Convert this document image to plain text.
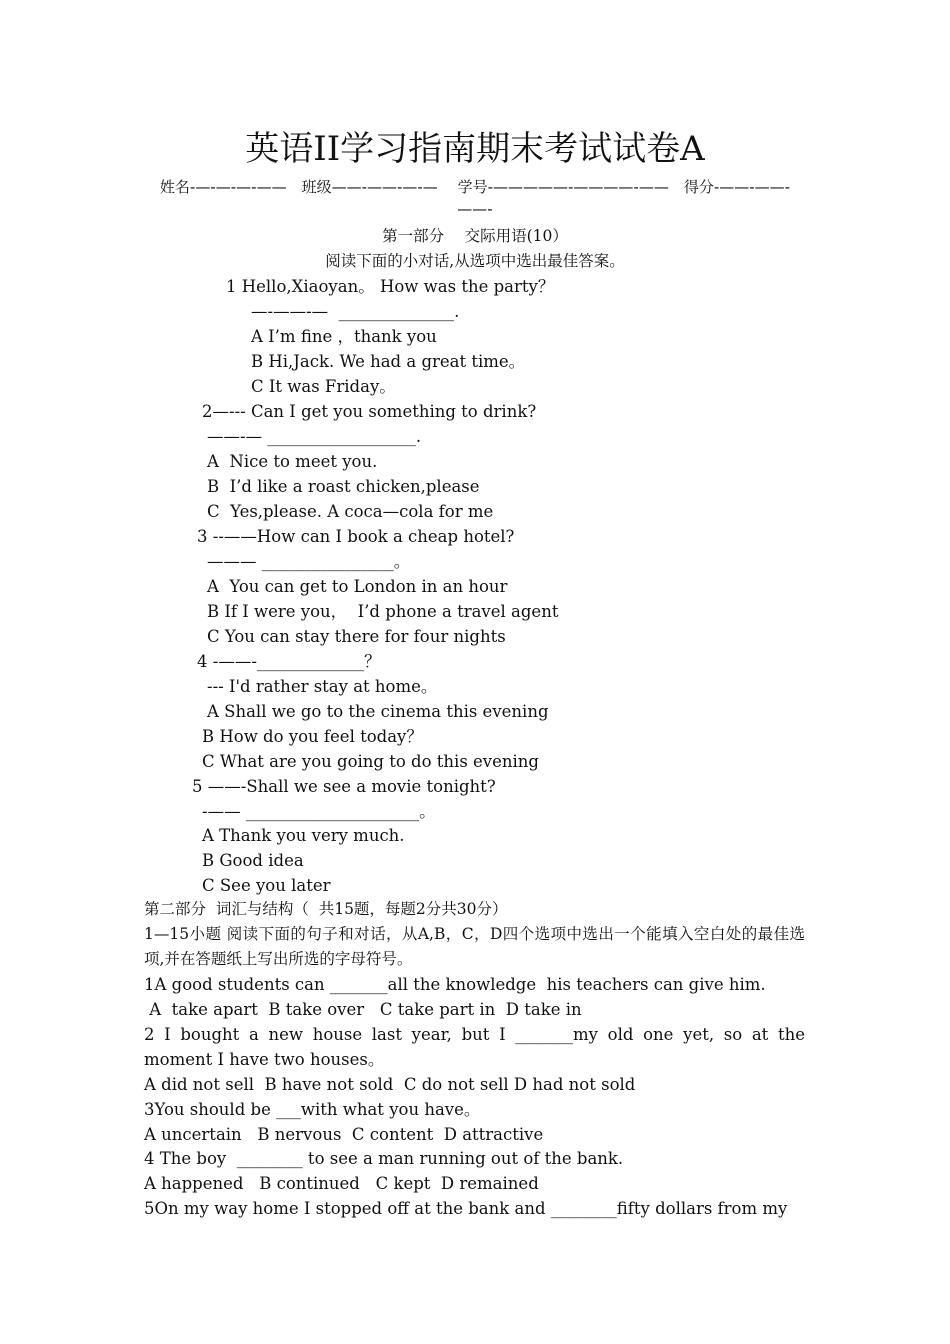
英语II学习指南期末考试试卷A
姓名-—-—-—-——　班级——-——-—-—　 学号-—————-————-——　得分-——-——-——-
第一部分　 交际用语(10）
阅读下面的小对话,从选项中选出最佳答案。
1 Hello,Xiaoyan。 How was the party？
—-——-—  ______________.
A I’m fine ，thank you
B Hi,Jack. We had a great time。
C It was Friday。
2—--- Can I get you something to drink?
——-— __________________.
A  Nice to meet you.
B  I’d like a roast chicken,please
C  Yes,please. A coca—cola for me
3 --——How can I book a cheap hotel?
——— ________________。
A  You can get to London in an hour
B If I were you，  I’d phone a travel agent
C You can stay there for four nights
4 -——-_____________？
--- I'd rather stay at home。
A Shall we go to the cinema this evening
B How do you feel today？
C What are you going to do this evening
5 ——-Shall we see a movie tonight?
-—— _____________________。
A Thank you very much.
B Good idea
C See you later
第二部分  词汇与结构（  共15题，每题2分共30分）
1—15小题 阅读下面的句子和对话，从A,B，C，D四个选项中选出一个能填入空白处的最佳选项,并在答题纸上写出所选的字母符号。
1A good students can _______all the knowledge  his teachers can give him.
A  take apart  B take over   C take part in  D take in
2 I bought a new house last year, but I _______my old one yet, so at the moment I have two houses。
A did not sell  B have not sold  C do not sell D had not sold
3You should be ___with what you have。
A uncertain   B nervous  C content  D attractive
4 The boy  ________ to see a man running out of the bank.
A happened   B continued   C kept  D remained
5On my way home I stopped off at the bank and ________fifty dollars from my
